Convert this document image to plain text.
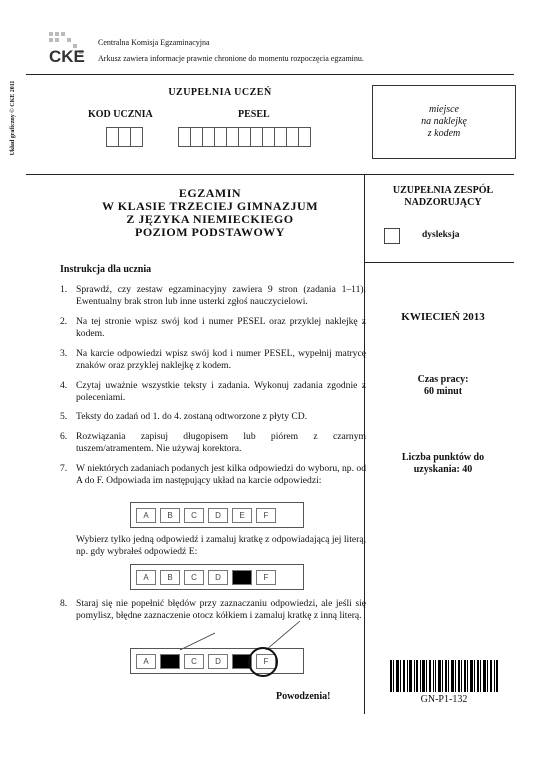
CKE
Centralna Komisja Egzaminacyjna
Arkusz zawiera informacje prawnie chronione do momentu rozpoczęcia egzaminu.
Układ graficzny © CKE 2011	UZUPEŁNIA UCZEŃ
KOD UCZNIA	PESEL	miejsce
na naklejkę
z kodem
EGZAMIN
W KLASIE TRZECIEJ GIMNAZJUM
Z JĘZYKA NIEMIECKIEGO
POZIOM PODSTAWOWY
UZUPEŁNIA ZESPÓŁ NADZORUJĄCY
dysleksja
KWIECIEŃ 2013
Czas pracy:
60 minut
Liczba punktów do uzyskania: 40
Instrukcja dla ucznia
1. Sprawdź, czy zestaw egzaminacyjny zawiera 9 stron (zadania 1–11). Ewentualny brak stron lub inne usterki zgłoś nauczycielowi.
2. Na tej stronie wpisz swój kod i numer PESEL oraz przyklej naklejkę z kodem.
3. Na karcie odpowiedzi wpisz swój kod i numer PESEL, wypełnij matrycę znaków oraz przyklej naklejkę z kodem.
4. Czytaj uważnie wszystkie teksty i zadania. Wykonuj zadania zgodnie z poleceniami.
5. Teksty do zadań od 1. do 4. zostaną odtworzone z płyty CD.
6. Rozwiązania zapisuj długopisem lub piórem z czarnym tuszem/atramentem. Nie używaj korektora.
7. W niektórych zadaniach podanych jest kilka odpowiedzi do wyboru, np. od A do F. Odpowiada im następujący układ na karcie odpowiedzi:
A	B	C	D	E	F
Wybierz tylko jedną odpowiedź i zamaluj kratkę z odpowiadającą jej literą, np. gdy wybrałeś odpowiedź E:
A	B	C	D	E	F
8. Staraj się nie popełnić błędów przy zaznaczaniu odpowiedzi, ale jeśli się pomylisz, błędne zaznaczenie otocz kółkiem i zamaluj kratkę z inną literą.
A	B	C	D	E	F
Powodzenia!	GN-P1-132
